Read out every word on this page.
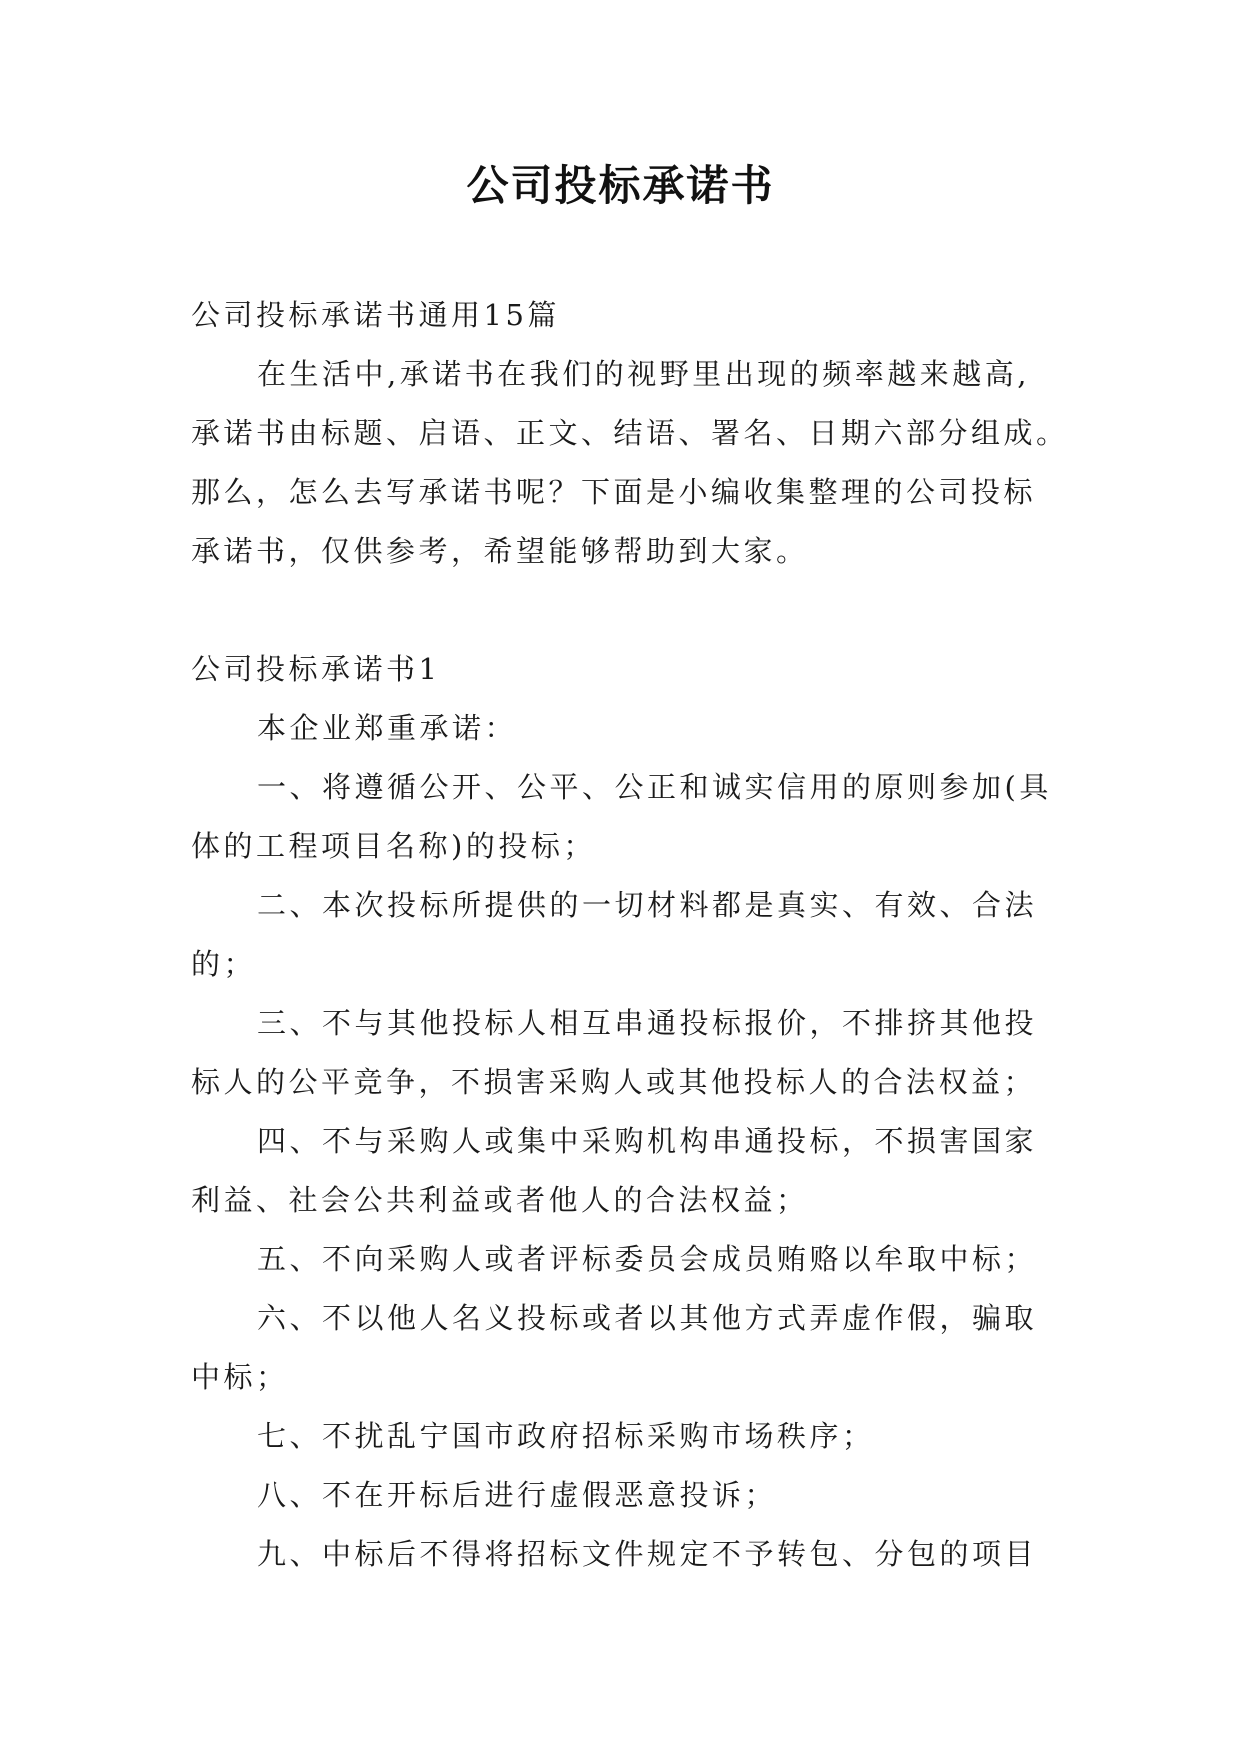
公司投标承诺书
公司投标承诺书通用15篇
在生活中,承诺书在我们的视野里出现的频率越来越高,
承诺书由标题、启语、正文、结语、署名、日期六部分组成。
那么，怎么去写承诺书呢？下面是小编收集整理的公司投标
承诺书，仅供参考，希望能够帮助到大家。
公司投标承诺书1
本企业郑重承诺：
一、将遵循公开、公平、公正和诚实信用的原则参加(具
体的工程项目名称)的投标；
二、本次投标所提供的一切材料都是真实、有效、合法
的；
三、不与其他投标人相互串通投标报价，不排挤其他投
标人的公平竞争，不损害采购人或其他投标人的合法权益；
四、不与采购人或集中采购机构串通投标，不损害国家
利益、社会公共利益或者他人的合法权益；
五、不向采购人或者评标委员会成员贿赂以牟取中标；
六、不以他人名义投标或者以其他方式弄虚作假，骗取
中标；
七、不扰乱宁国市政府招标采购市场秩序；
八、不在开标后进行虚假恶意投诉；
九、中标后不得将招标文件规定不予转包、分包的项目
